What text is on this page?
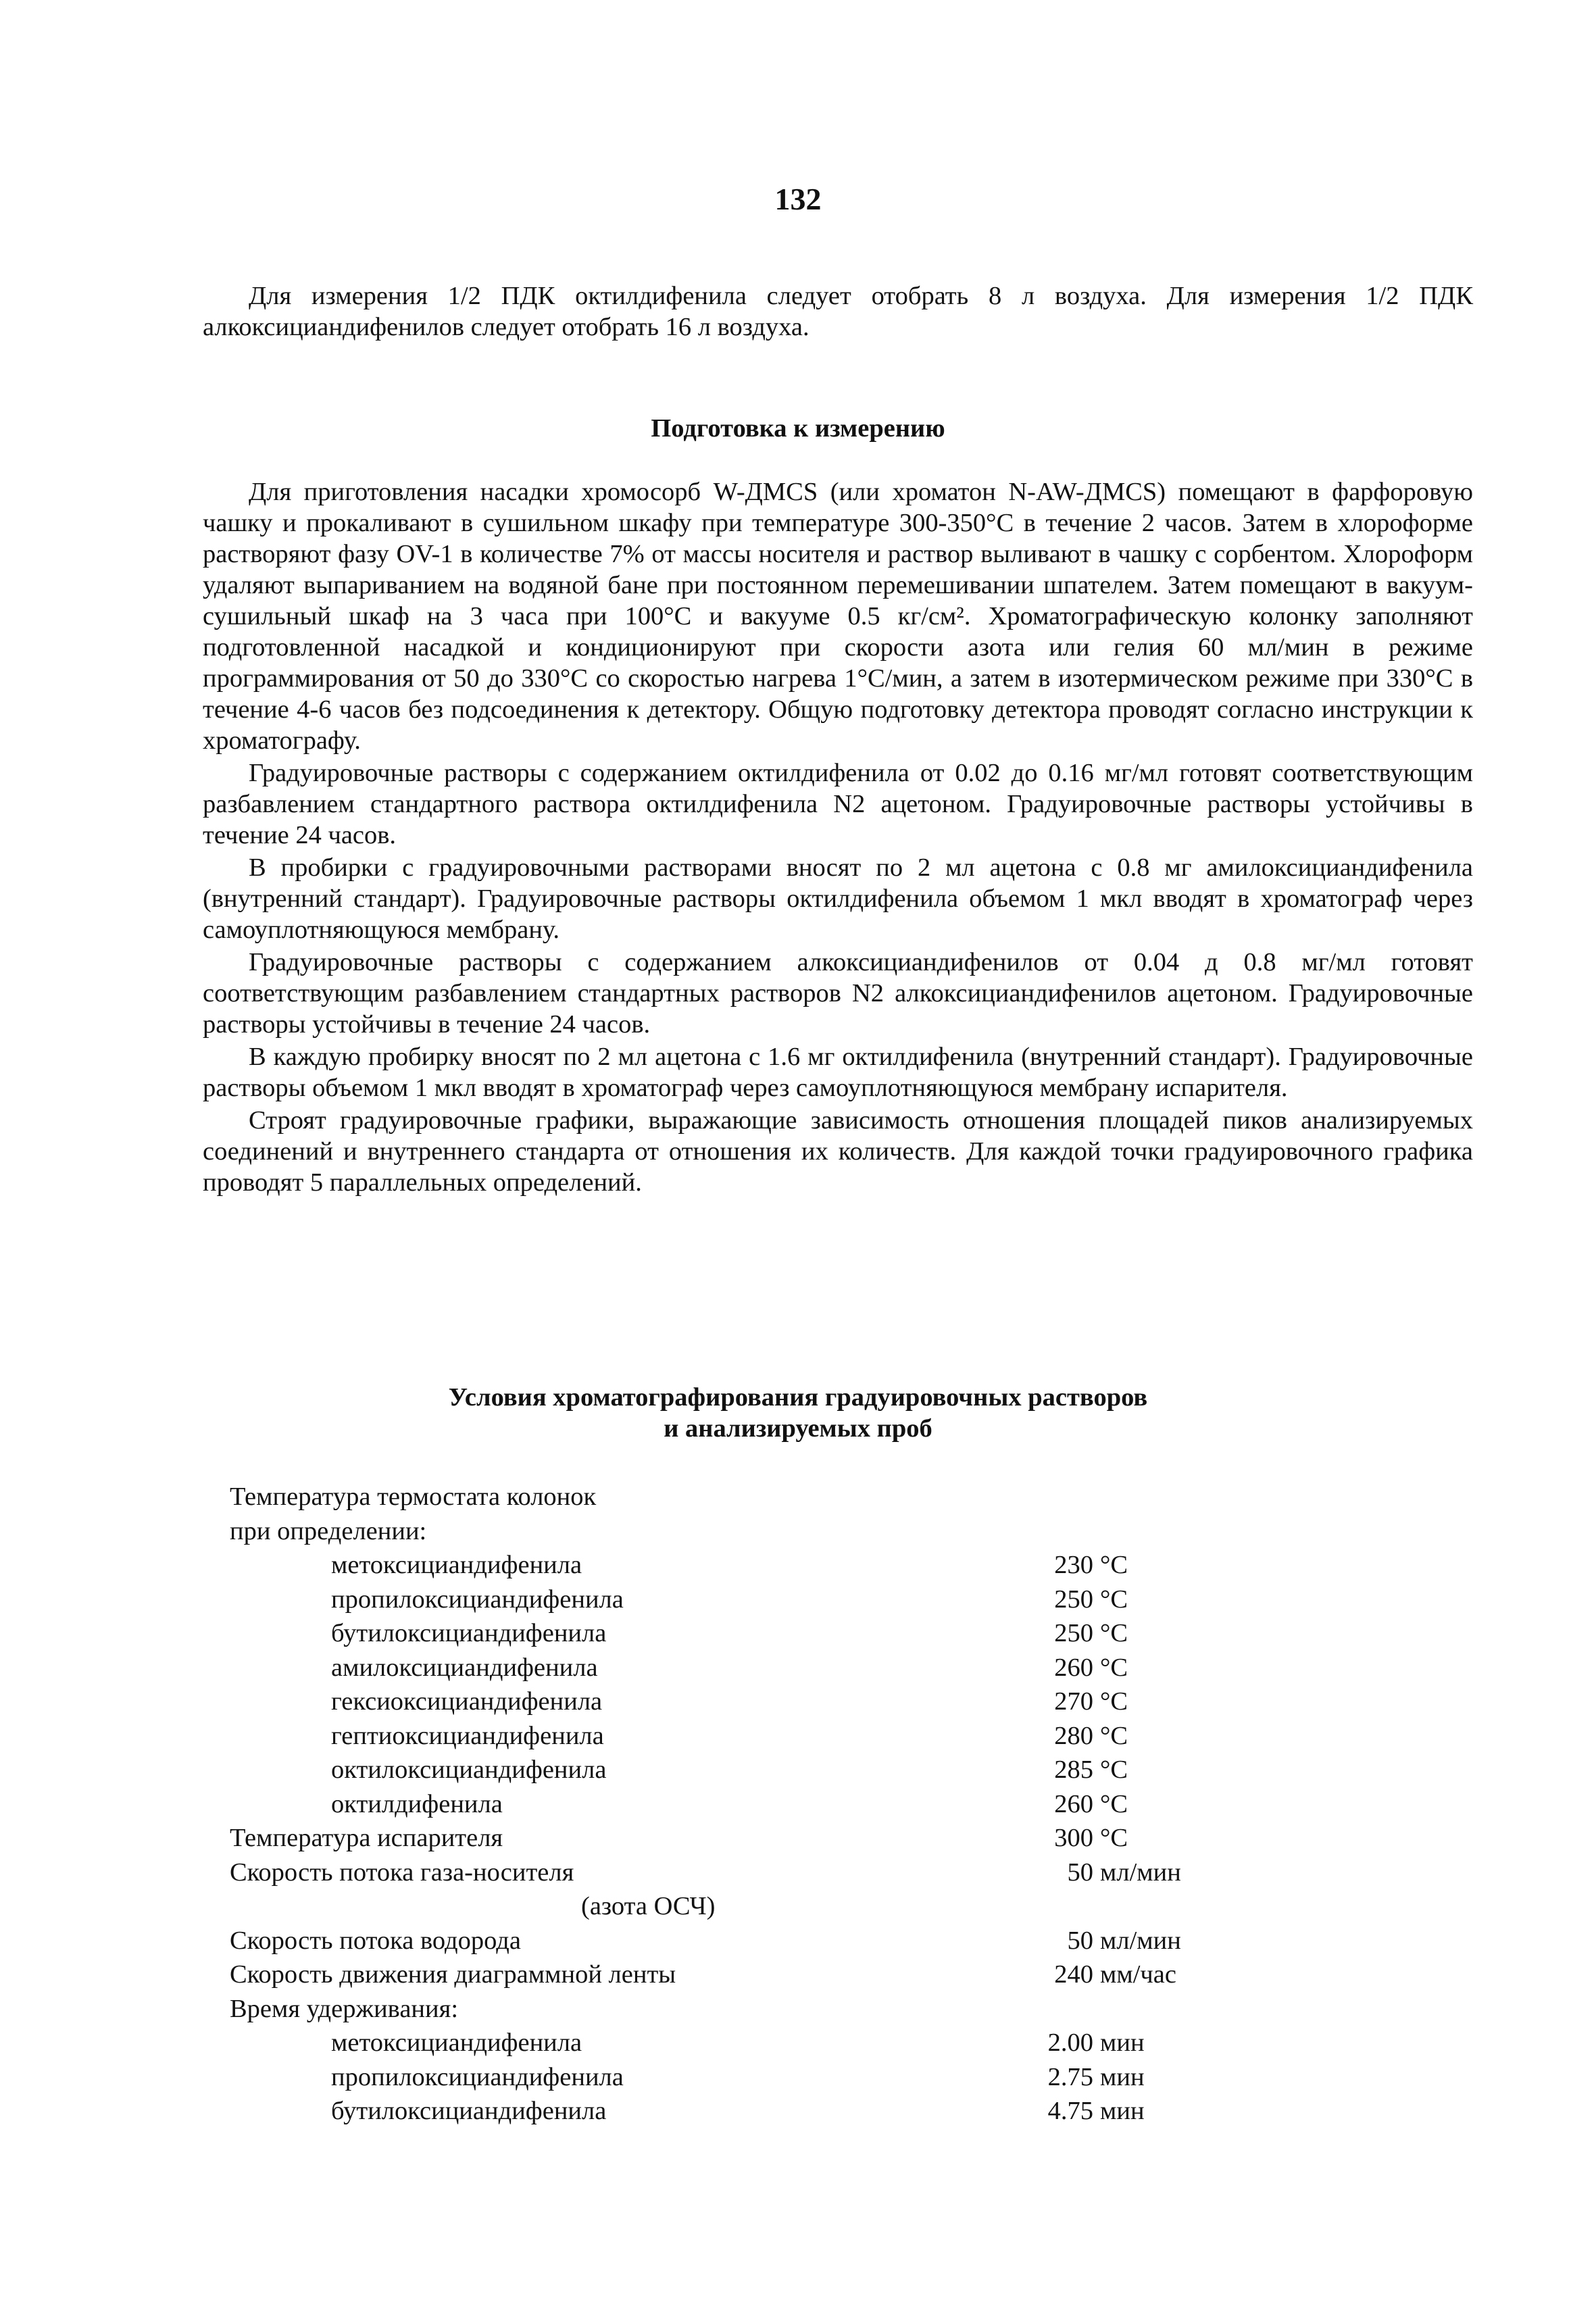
132

Для измерения 1/2 ПДК октилдифенила следует отобрать 8 л воздуха. Для измерения 1/2 ПДК алкоксициандифенилов следует отобрать 16 л воздуха.

Подготовка к измерению

Для приготовления насадки хромосорб W-ДМCS (или хроматон N-AW-ДМCS) помещают в фарфоровую чашку и прокаливают в сушильном шкафу при температуре 300-350°С в течение 2 часов. Затем в хлороформе растворяют фазу OV-1 в количестве 7% от массы носителя и раствор выливают в чашку с сорбентом. Хлороформ удаляют выпариванием на водяной бане при постоянном перемешивании шпателем. Затем помещают в вакуум-сушильный шкаф на 3 часа при 100°С и вакууме 0.5 кг/см². Хроматографическую колонку заполняют подготовленной насадкой и кондиционируют при скорости азота или гелия 60 мл/мин в режиме программирования от 50 до 330°С со скоростью нагрева 1°С/мин, а затем в изотермическом режиме при 330°С в течение 4-6 часов без подсоединения к детектору. Общую подготовку детектора проводят согласно инструкции к хроматографу.

Градуировочные растворы с содержанием октилдифенила от 0.02 до 0.16 мг/мл готовят соответствующим разбавлением стандартного раствора октилдифенила N2 ацетоном. Градуировочные растворы устойчивы в течение 24 часов.

В пробирки с градуировочными растворами вносят по 2 мл ацетона с 0.8 мг амилоксициандифенила (внутренний стандарт). Градуировочные растворы октилдифенила объемом 1 мкл вводят в хроматограф через самоуплотняющуюся мембрану.

Градуировочные растворы с содержанием алкоксициандифенилов от 0.04 д 0.8 мг/мл готовят соответствующим разбавлением стандартных растворов N2 алкоксициандифенилов ацетоном. Градуировочные растворы устойчивы в течение 24 часов.

В каждую пробирку вносят по 2 мл ацетона с 1.6 мг октилдифенила (внутренний стандарт). Градуировочные растворы объемом 1 мкл вводят в хроматограф через самоуплотняющуюся мембрану испарителя.

Строят градуировочные графики, выражающие зависимость отношения площадей пиков анализируемых соединений и внутреннего стандарта от отношения их количеств. Для каждой точки градуировочного графика проводят 5 параллельных определений.

Условия хроматографирования градуировочных растворов
и анализируемых проб
Температура термостата колонок
при определении:
метоксициандифенила	230 °С
пропилоксициандифенила	250 °С
бутилоксициандифенила	250 °С
амилоксициандифенила	260 °С
гексиоксициандифенила	270 °С
гептиоксициандифенила	280 °С
октилоксициандифенила	285 °С
октилдифенила	260 °С
Температура испарителя	300 °С
Скорость потока газа-носителя	50 мл/мин
(азота ОСЧ)
Скорость потока водорода	50 мл/мин
Скорость движения диаграммной ленты	240 мм/час
Время удерживания:
метоксициандифенила	2.00 мин
пропилоксициандифенила	2.75 мин
бутилоксициандифенила	4.75 мин
